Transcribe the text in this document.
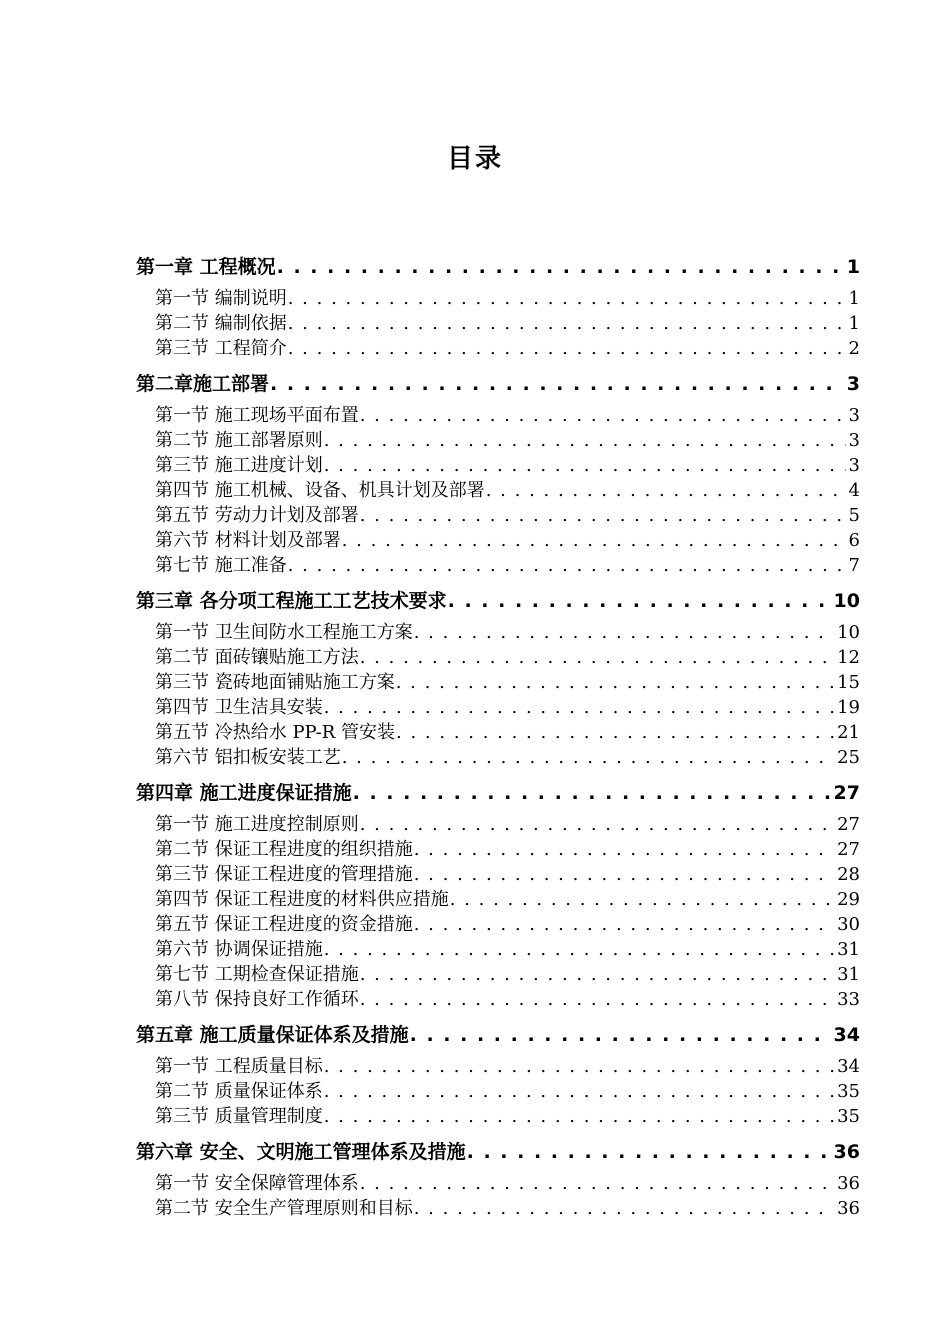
目录
第一章 工程概况 . . .	1
第一节 编制说明 . . .	1
第二节 编制依据 . . .	1
第三节 工程简介 . . .	2
第二章施工部署 . . .	3
第一节 施工现场平面布置 . . .	3
第二节 施工部署原则 . . .	3
第三节 施工进度计划 . . .	3
第四节 施工机械、设备、机具计划及部署 . . .	4
第五节 劳动力计划及部署 . . .	5
第六节 材料计划及部署 . . .	6
第七节 施工准备 . . .	7
第三章 各分项工程施工工艺技术要求 . . .	10
第一节 卫生间防水工程施工方案 . . .	10
第二节 面砖镶贴施工方法 . . .	12
第三节 瓷砖地面铺贴施工方案 . . .	15
第四节 卫生洁具安装 . . .	19
第五节 冷热给水 PP-R 管安装 . . .	21
第六节 铝扣板安装工艺 . . .	25
第四章 施工进度保证措施 . . .	27
第一节 施工进度控制原则 . . .	27
第二节 保证工程进度的组织措施 . . .	27
第三节 保证工程进度的管理措施 . . .	28
第四节 保证工程进度的材料供应措施 . . .	29
第五节 保证工程进度的资金措施 . . .	30
第六节 协调保证措施 . . .	31
第七节 工期检查保证措施 . . .	31
第八节 保持良好工作循环 . . .	33
第五章 施工质量保证体系及措施 . . .	34
第一节 工程质量目标 . . .	34
第二节 质量保证体系 . . .	35
第三节 质量管理制度 . . .	35
第六章 安全、文明施工管理体系及措施 . . .	36
第一节 安全保障管理体系 . . .	36
第二节 安全生产管理原则和目标 . . .	36
